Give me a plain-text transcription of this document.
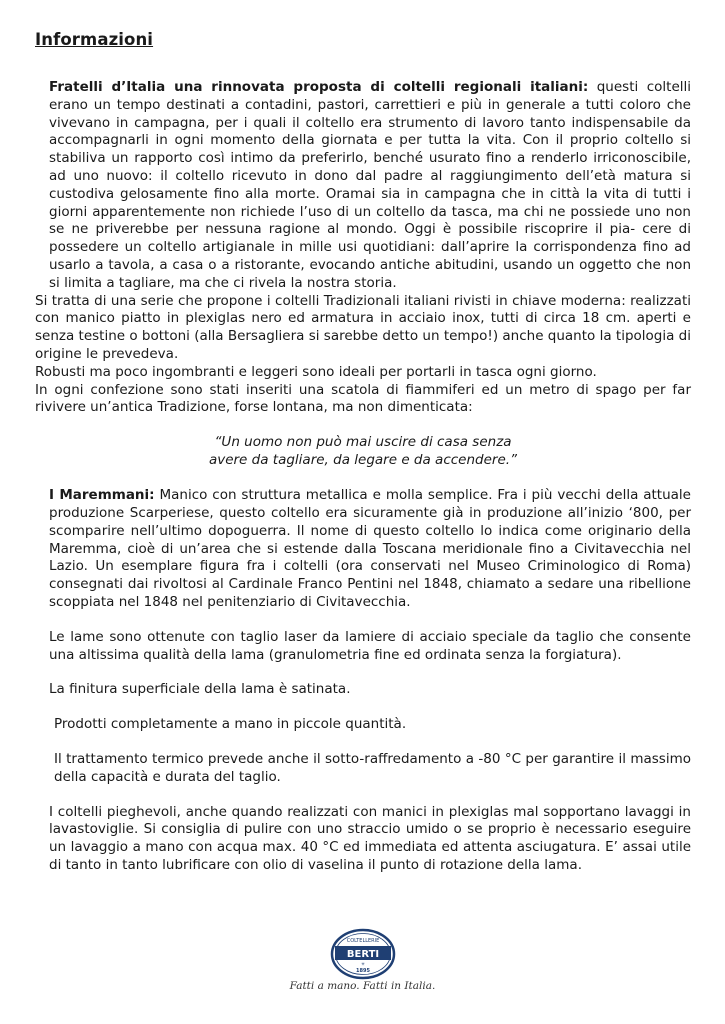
Informazioni

Fratelli d’Italia una rinnovata proposta di coltelli regionali italiani: questi coltelli erano un tempo destinati a contadini, pastori, carrettieri e più in generale a tutti coloro che vivevano in campagna, per i quali il coltello era strumento di lavoro tanto indispensabile da accompagnarli in ogni momento della giornata e per tutta la vita. Con il proprio coltello si stabiliva un rapporto così intimo da preferirlo, benché usurato fino a renderlo irriconoscibile, ad uno nuovo: il coltello ricevuto in dono dal padre al raggiungimento dell’età matura si custodiva gelosamente fino alla morte. Oramai sia in campagna che in città la vita di tutti i giorni apparentemente non richiede l’uso di un coltello da tasca, ma chi ne possiede uno non se ne priverebbe per nessuna ragione al mondo. Oggi è possibile riscoprire il pia- cere di possedere un coltello artigianale in mille usi quotidiani: dall’aprire la corrispondenza fino ad usarlo a tavola, a casa o a ristorante, evocando antiche abitudini, usando un oggetto che non si limita a tagliare, ma che ci rivela la nostra storia.

Si tratta di una serie che propone i coltelli Tradizionali italiani rivisti in chiave moderna: realizzati con manico piatto in plexiglas nero ed armatura in acciaio inox, tutti di circa 18 cm. aperti e senza testine o bottoni (alla Bersagliera si sarebbe detto un tempo!) anche quanto la tipologia di origine le prevedeva.

Robusti ma poco ingombranti e leggeri sono ideali per portarli in tasca ogni giorno.

In ogni confezione sono stati inseriti una scatola di fiammiferi ed un metro di spago per far rivivere un’antica Tradizione, forse lontana, ma non dimenticata:

“Un uomo non può mai uscire di casa senza
avere da tagliare, da legare e da accendere.”

I Maremmani: Manico con struttura metallica e molla semplice. Fra i più vecchi della attuale produzione Scarperiese, questo coltello era sicuramente già in produzione all’inizio ‘800, per scomparire nell’ultimo dopoguerra. Il nome di questo coltello lo indica come originario della Maremma, cioè di un’area che si estende dalla Toscana meridionale fino a Civitavecchia nel Lazio. Un esemplare figura fra i coltelli (ora conservati nel Museo Criminologico di Roma) consegnati dai rivoltosi al Cardinale Franco Pentini nel 1848, chiamato a sedare una ribellione scoppiata nel 1848 nel penitenziario di Civitavecchia.

Le lame sono ottenute con taglio laser da lamiere di acciaio speciale da taglio che consente una altissima qualità della lama (granulometria fine ed ordinata senza la forgiatura).

La finitura superficiale della lama è satinata.

Prodotti completamente a mano in piccole quantità.

Il trattamento termico prevede anche il sotto-raffredamento a -80 °C per garantire il massimo della capacità e durata del taglio.

I coltelli pieghevoli, anche quando realizzati con manici in plexiglas mal sopportano lavaggi in lavastoviglie. Si consiglia di pulire con uno straccio umido o se proprio è necessario eseguire un lavaggio a mano con acqua max. 40 °C ed immediata ed attenta asciugatura. E’ assai utile di tanto in tanto lubrificare con olio di vaselina il punto di rotazione della lama.

BERTI
COLTELLERIE
✳
1895
Fatti a mano. Fatti in Italia.
